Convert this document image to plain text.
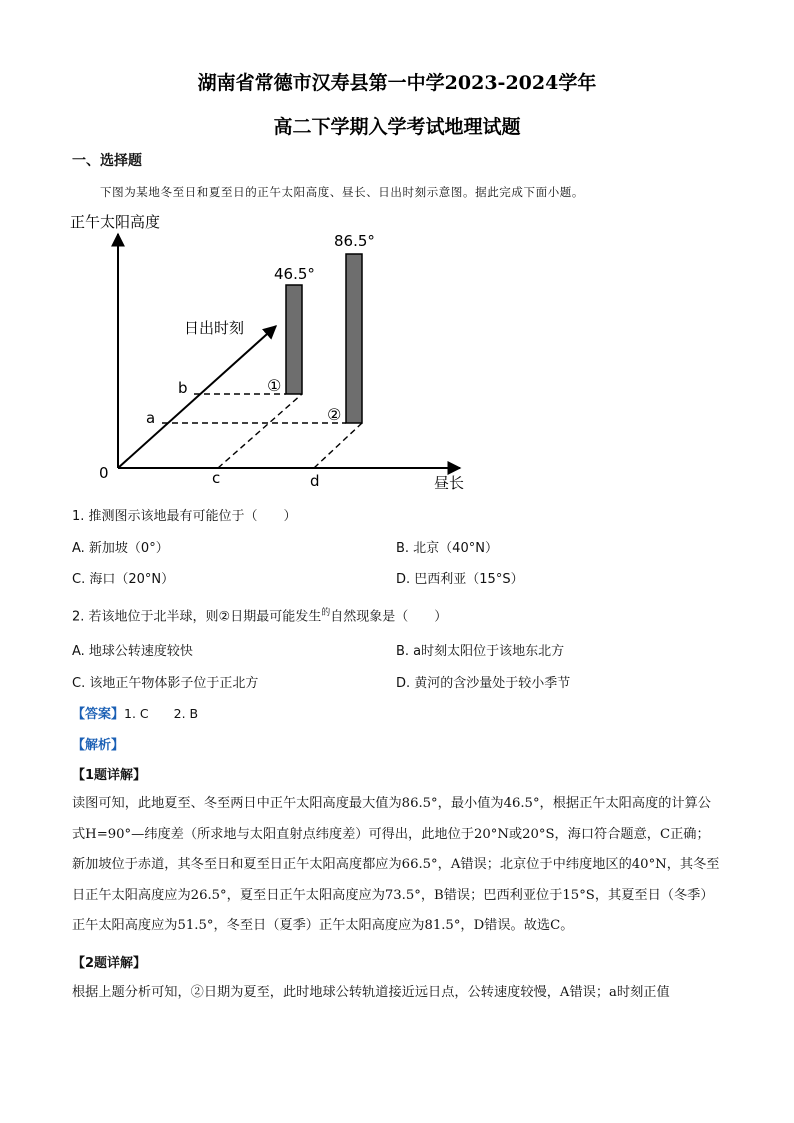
湖南省常德市汉寿县第一中学2023-2024学年
高二下学期入学考试地理试题
一、选择题
下图为某地冬至日和夏至日的正午太阳高度、昼长、日出时刻示意图。据此完成下面小题。
正午太阳高度
昼长
日出时刻
0
46.5°
86.5°
①
②
b
a
c	d
1. 推测图示该地最有可能位于（　　）
A. 新加坡（0°）	B. 北京（40°N）
C. 海口（20°N）	D. 巴西利亚（15°S）
2. 若该地位于北半球，则②日期最可能发生$^的$自然现象是（　　）
A. 地球公转速度较快	B. a时刻太阳位于该地东北方
C. 该地正午物体影子位于正北方	D. 黄河的含沙量处于较小季节
【答案】1. C　　2. B
【解析】
【1题详解】
读图可知，此地夏至、冬至两日中正午太阳高度最大值为86.5°，最小值为46.5°，根据正午太阳高度的计算公式H=90°—纬度差（所求地与太阳直射点纬度差）可得出，此地位于20°N或20°S，海口符合题意，C正确；新加坡位于赤道，其冬至日和夏至日正午太阳高度都应为66.5°，A错误；北京位于中纬度地区的40°N，其冬至日正午太阳高度应为26.5°，夏至日正午太阳高度应为73.5°，B错误；巴西利亚位于15°S，其夏至日（冬季）正午太阳高度应为51.5°，冬至日（夏季）正午太阳高度应为81.5°，D错误。故选C。
【2题详解】
根据上题分析可知，②日期为夏至，此时地球公转轨道接近远日点，公转速度较慢，A错误；a时刻正值
